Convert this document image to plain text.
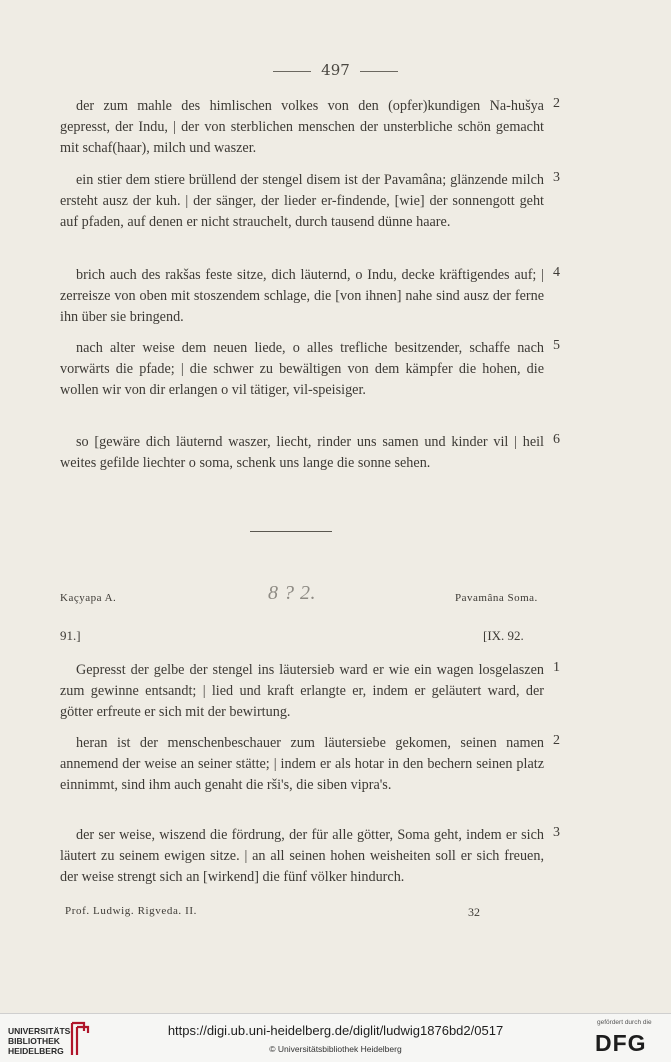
497

der zum mahle des himlischen volkes von den (opfer)kundigen Na-hušya gepresst, der Indu, | der von sterblichen menschen der unsterbliche schön gemacht mit schaf(haar), milch und waszer.

2

ein stier dem stiere brüllend der stengel disem ist der Pavamâna; glänzende milch ersteht ausz der kuh. | der sänger, der lieder er-findende, [wie] der sonnengott geht auf pfaden, auf denen er nicht strauchelt, durch tausend dünne haare.

3

brich auch des rakšas feste sitze, dich läuternd, o Indu, decke kräftigendes auf; | zerreisze von oben mit stoszendem schlage, die [von ihnen] nahe sind ausz der ferne ihn über sie bringend.

4

nach alter weise dem neuen liede, o alles trefliche besitzender, schaffe nach vorwärts die pfade; | die schwer zu bewältigen von dem kämpfer die hohen, die wollen wir von dir erlangen o vil tätiger, vil-speisiger.

5

so [gewäre dich läuternd waszer, liecht, rinder uns samen und kinder vil | heil weites gefilde liechter o soma, schenk uns lange die sonne sehen.

6
Kaçyapa A.	8 ? 2.	Pavamâna Soma.
91.]	[IX. 92.

Gepresst der gelbe der stengel ins läutersieb ward er wie ein wagen losgelaszen zum gewinne entsandt; | lied und kraft erlangte er, indem er geläutert ward, der götter erfreute er sich mit der bewirtung.

1

heran ist der menschenbeschauer zum läutersiebe gekomen, seinen namen annemend der weise an seiner stätte; | indem er als hotar in den bechern seinen platz einnimmt, sind ihm auch genaht die rši's, die siben vipra's.

2

der ser weise, wiszend die fördrung, der für alle götter, Soma geht, indem er sich läutert zu seinem ewigen sitze. | an all seinen hohen weisheiten soll er sich freuen, der weise strengt sich an [wirkend] die fünf völker hindurch.

3
Prof. Ludwig. Rigveda. II.	32
UNIVERSITÄTS-
BIBLIOTHEK
HEIDELBERG
https://digi.ub.uni-heidelberg.de/diglit/ludwig1876bd2/0517
© Universitätsbibliothek Heidelberg
gefördert durch die
DFG
